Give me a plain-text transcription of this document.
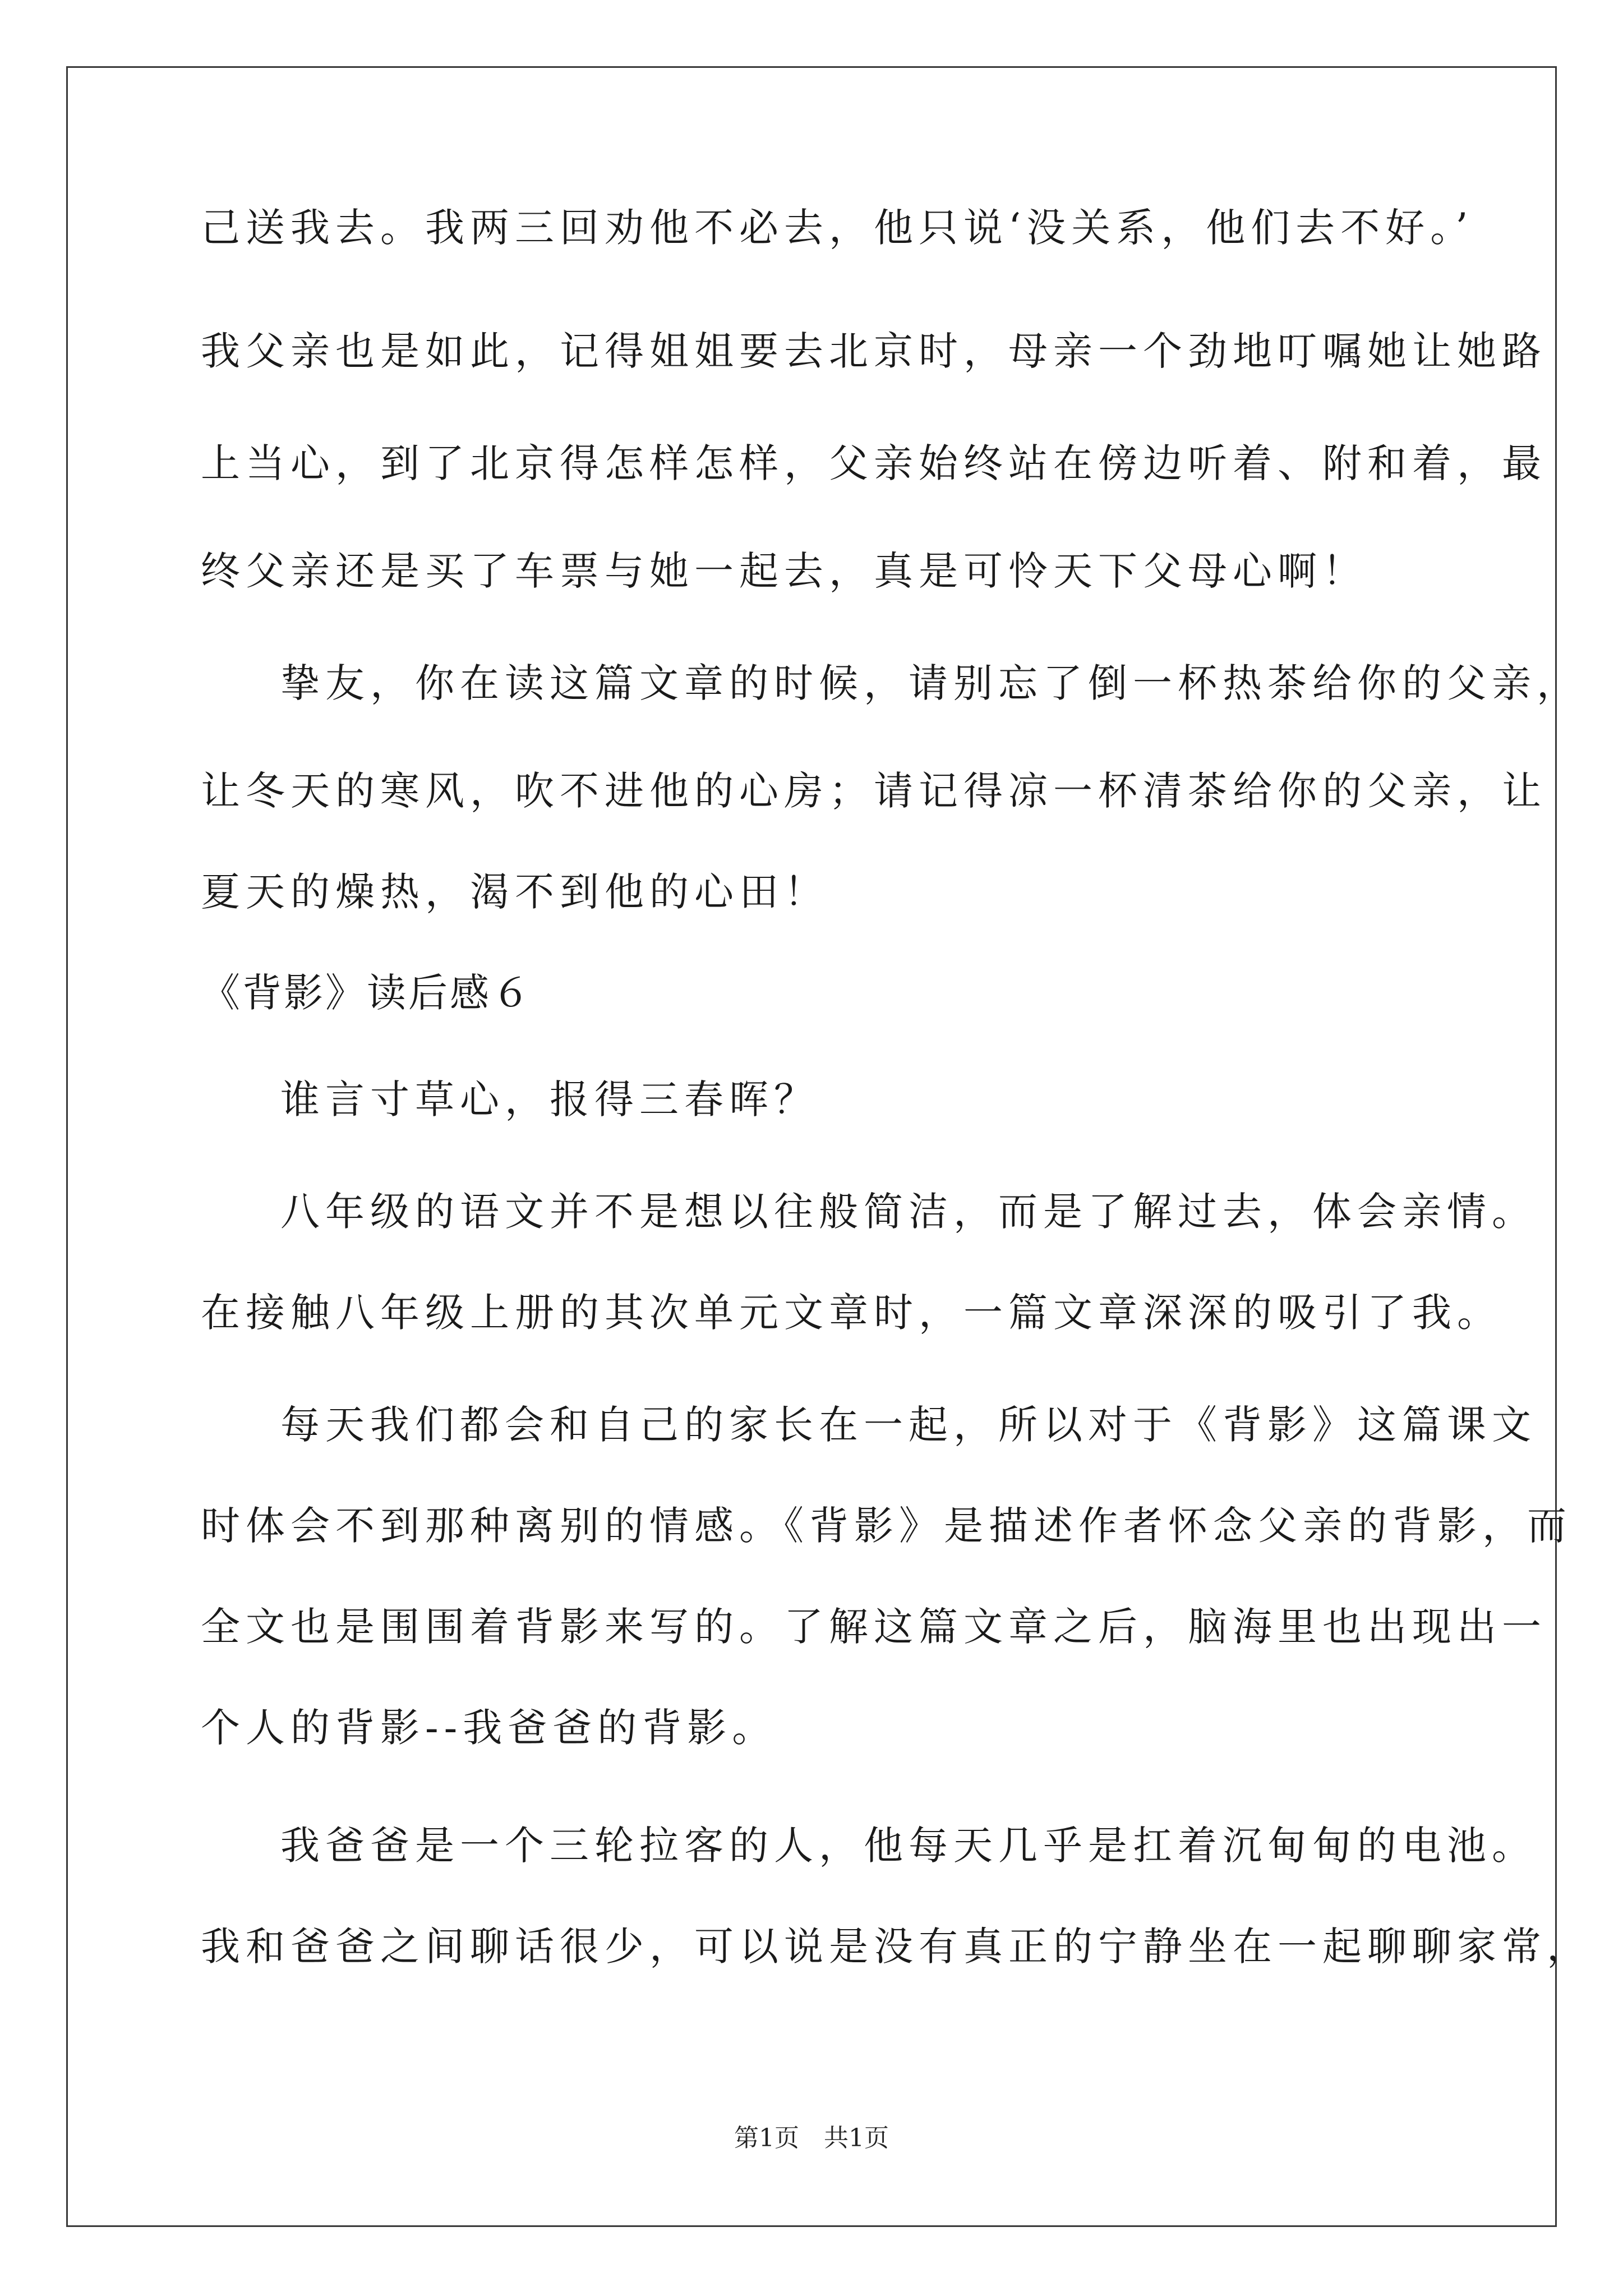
己送我去。我两三回劝他不必去，他只说‘没关系，他们去不好。’
我父亲也是如此，记得姐姐要去北京时，母亲一个劲地叮嘱她让她路
上当心，到了北京得怎样怎样，父亲始终站在傍边听着、附和着，最
终父亲还是买了车票与她一起去，真是可怜天下父母心啊！
挚友，你在读这篇文章的时候，请别忘了倒一杯热茶给你的父亲，
让冬天的寒风，吹不进他的心房；请记得凉一杯清茶给你的父亲，让
夏天的燥热，渴不到他的心田！
《背影》读后感６
谁言寸草心，报得三春晖？
八年级的语文并不是想以往般简洁，而是了解过去，体会亲情。
在接触八年级上册的其次单元文章时，一篇文章深深的吸引了我。
每天我们都会和自己的家长在一起，所以对于《背影》这篇课文
时体会不到那种离别的情感。《背影》是描述作者怀念父亲的背影，而
全文也是围围着背影来写的。了解这篇文章之后，脑海里也出现出一
个人的背影--我爸爸的背影。
我爸爸是一个三轮拉客的人，他每天几乎是扛着沉甸甸的电池。
我和爸爸之间聊话很少，可以说是没有真正的宁静坐在一起聊聊家常，
第1页 共1页
